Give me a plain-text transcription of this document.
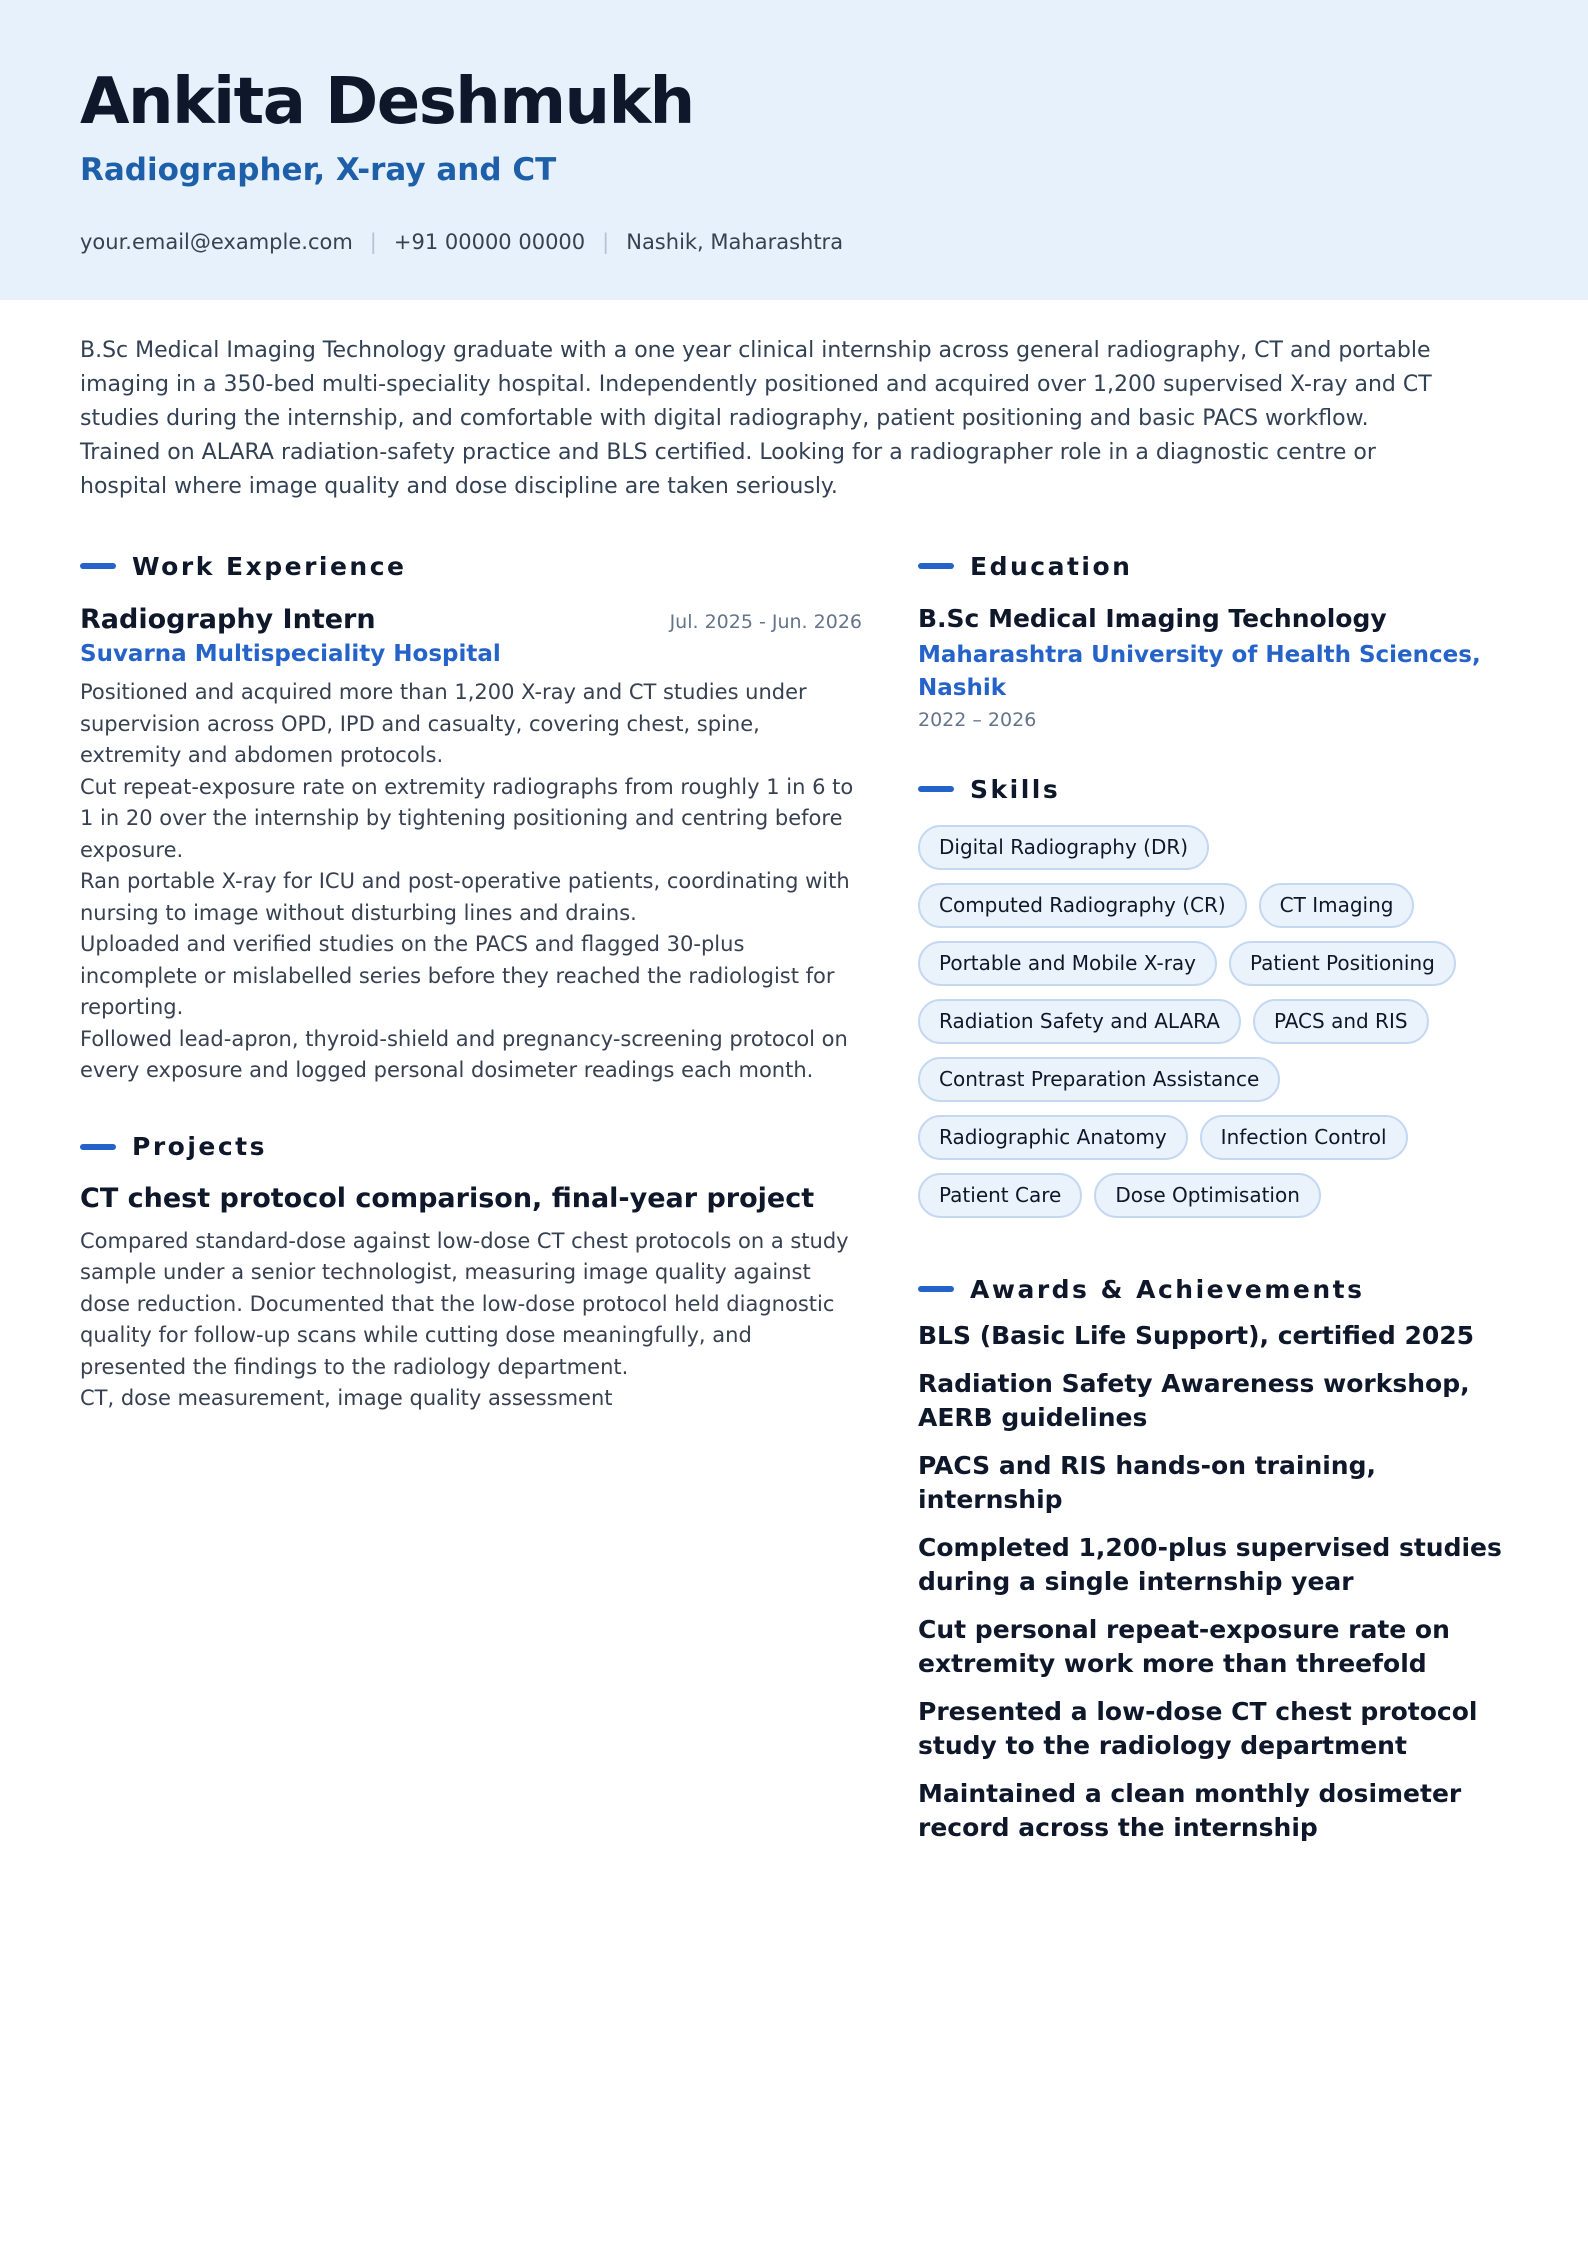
Ankita Deshmukh
Radiographer, X-ray and CT
your.email@example.com | +91 00000 00000 | Nashik, Maharashtra
B.Sc Medical Imaging Technology graduate with a one year clinical internship across general radiography, CT and portable imaging in a 350-bed multi-speciality hospital. Independently positioned and acquired over 1,200 supervised X-ray and CT studies during the internship, and comfortable with digital radiography, patient positioning and basic PACS workflow. Trained on ALARA radiation-safety practice and BLS certified. Looking for a radiographer role in a diagnostic centre or hospital where image quality and dose discipline are taken seriously.
Work Experience
Radiography Intern	Jul. 2025 - Jun. 2026
Suvarna Multispeciality Hospital
Positioned and acquired more than 1,200 X-ray and CT studies under supervision across OPD, IPD and casualty, covering chest, spine, extremity and abdomen protocols.
Cut repeat-exposure rate on extremity radiographs from roughly 1 in 6 to 1 in 20 over the internship by tightening positioning and centring before exposure.
Ran portable X-ray for ICU and post-operative patients, coordinating with nursing to image without disturbing lines and drains.
Uploaded and verified studies on the PACS and flagged 30-plus incomplete or mislabelled series before they reached the radiologist for reporting.
Followed lead-apron, thyroid-shield and pregnancy-screening protocol on every exposure and logged personal dosimeter readings each month.
Projects
CT chest protocol comparison, final-year project
Compared standard-dose against low-dose CT chest protocols on a study sample under a senior technologist, measuring image quality against dose reduction. Documented that the low-dose protocol held diagnostic quality for follow-up scans while cutting dose meaningfully, and presented the findings to the radiology department.
CT, dose measurement, image quality assessment
Education
B.Sc Medical Imaging Technology
Maharashtra University of Health Sciences, Nashik
2022 – 2026
Skills
Digital Radiography (DR)
Computed Radiography (CR)	CT Imaging
Portable and Mobile X-ray	Patient Positioning
Radiation Safety and ALARA	PACS and RIS
Contrast Preparation Assistance
Radiographic Anatomy	Infection Control
Patient Care	Dose Optimisation
Awards & Achievements
BLS (Basic Life Support), certified 2025
Radiation Safety Awareness workshop, AERB guidelines
PACS and RIS hands-on training, internship
Completed 1,200-plus supervised studies during a single internship year
Cut personal repeat-exposure rate on extremity work more than threefold
Presented a low-dose CT chest protocol study to the radiology department
Maintained a clean monthly dosimeter record across the internship
